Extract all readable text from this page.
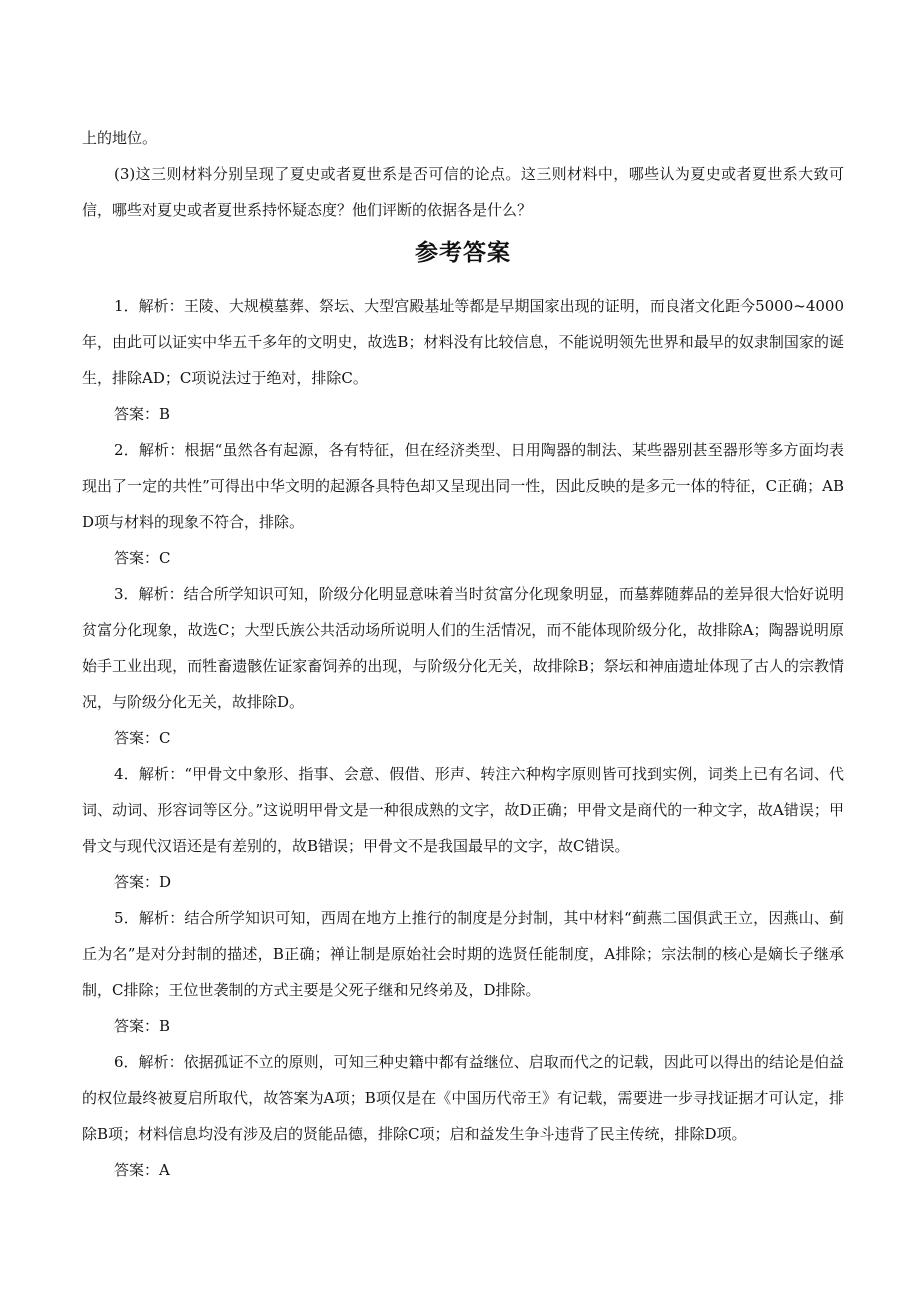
上的地位。

(3)这三则材料分别呈现了夏史或者夏世系是否可信的论点。这三则材料中，哪些认为夏史或者夏世系大致可信，哪些对夏史或者夏世系持怀疑态度？他们评断的依据各是什么？

参考答案

1．解析：王陵、大规模墓葬、祭坛、大型宫殿基址等都是早期国家出现的证明，而良渚文化距今5000~4000年，由此可以证实中华五千多年的文明史，故选B；材料没有比较信息，不能说明领先世界和最早的奴隶制国家的诞生，排除AD；C项说法过于绝对，排除C。

答案：B

2．解析：根据“虽然各有起源，各有特征，但在经济类型、日用陶器的制法、某些器别甚至器形等多方面均表现出了一定的共性”可得出中华文明的起源各具特色却又呈现出同一性，因此反映的是多元一体的特征，C正确；ABD项与材料的现象不符合，排除。

答案：C

3．解析：结合所学知识可知，阶级分化明显意味着当时贫富分化现象明显，而墓葬随葬品的差异很大恰好说明贫富分化现象，故选C；大型氏族公共活动场所说明人们的生活情况，而不能体现阶级分化，故排除A；陶器说明原始手工业出现，而牲畜遗骸佐证家畜饲养的出现，与阶级分化无关，故排除B；祭坛和神庙遗址体现了古人的宗教情况，与阶级分化无关，故排除D。

答案：C

4．解析：“甲骨文中象形、指事、会意、假借、形声、转注六种构字原则皆可找到实例，词类上已有名词、代词、动词、形容词等区分。”这说明甲骨文是一种很成熟的文字，故D正确；甲骨文是商代的一种文字，故A错误；甲骨文与现代汉语还是有差别的，故B错误；甲骨文不是我国最早的文字，故C错误。

答案：D

5．解析：结合所学知识可知，西周在地方上推行的制度是分封制，其中材料“蓟燕二国俱武王立，因燕山、蓟丘为名”是对分封制的描述，B正确；禅让制是原始社会时期的选贤任能制度，A排除；宗法制的核心是嫡长子继承制，C排除；王位世袭制的方式主要是父死子继和兄终弟及，D排除。

答案：B

6．解析：依据孤证不立的原则，可知三种史籍中都有益继位、启取而代之的记载，因此可以得出的结论是伯益的权位最终被夏启所取代，故答案为A项；B项仅是在《中国历代帝王》有记载，需要进一步寻找证据才可认定，排除B项；材料信息均没有涉及启的贤能品德，排除C项；启和益发生争斗违背了民主传统，排除D项。

答案：A
